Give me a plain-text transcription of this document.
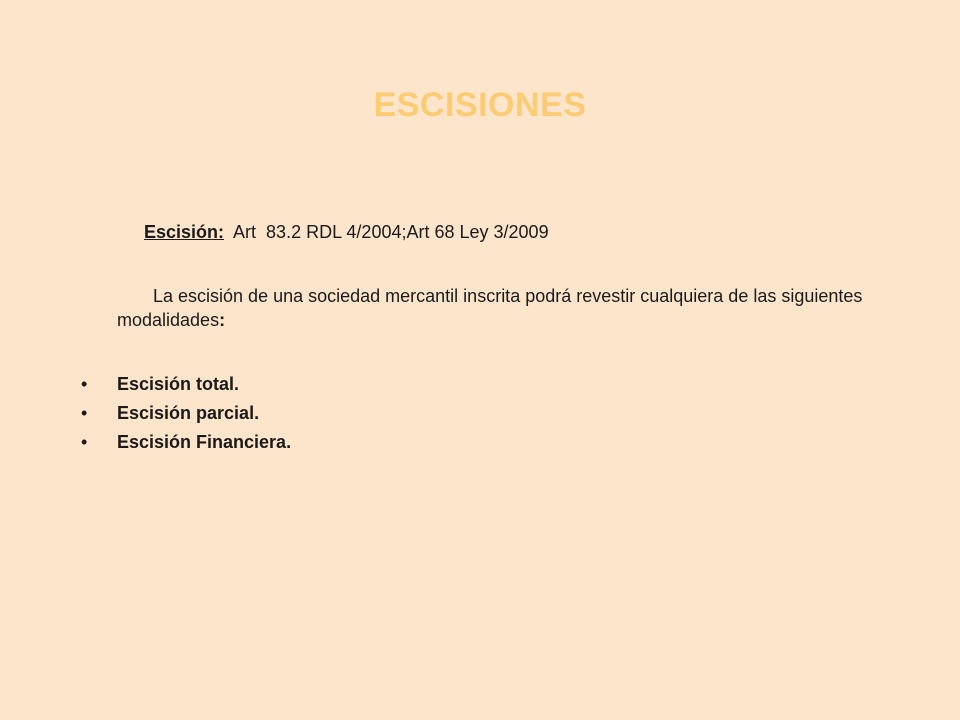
ESCISIONES
Escisión:  Art  83.2 RDL 4/2004;Art 68 Ley 3/2009
La escisión de una sociedad mercantil inscrita podrá revestir cualquiera de las siguientes modalidades:
• Escisión total.
• Escisión parcial.
• Escisión Financiera.
